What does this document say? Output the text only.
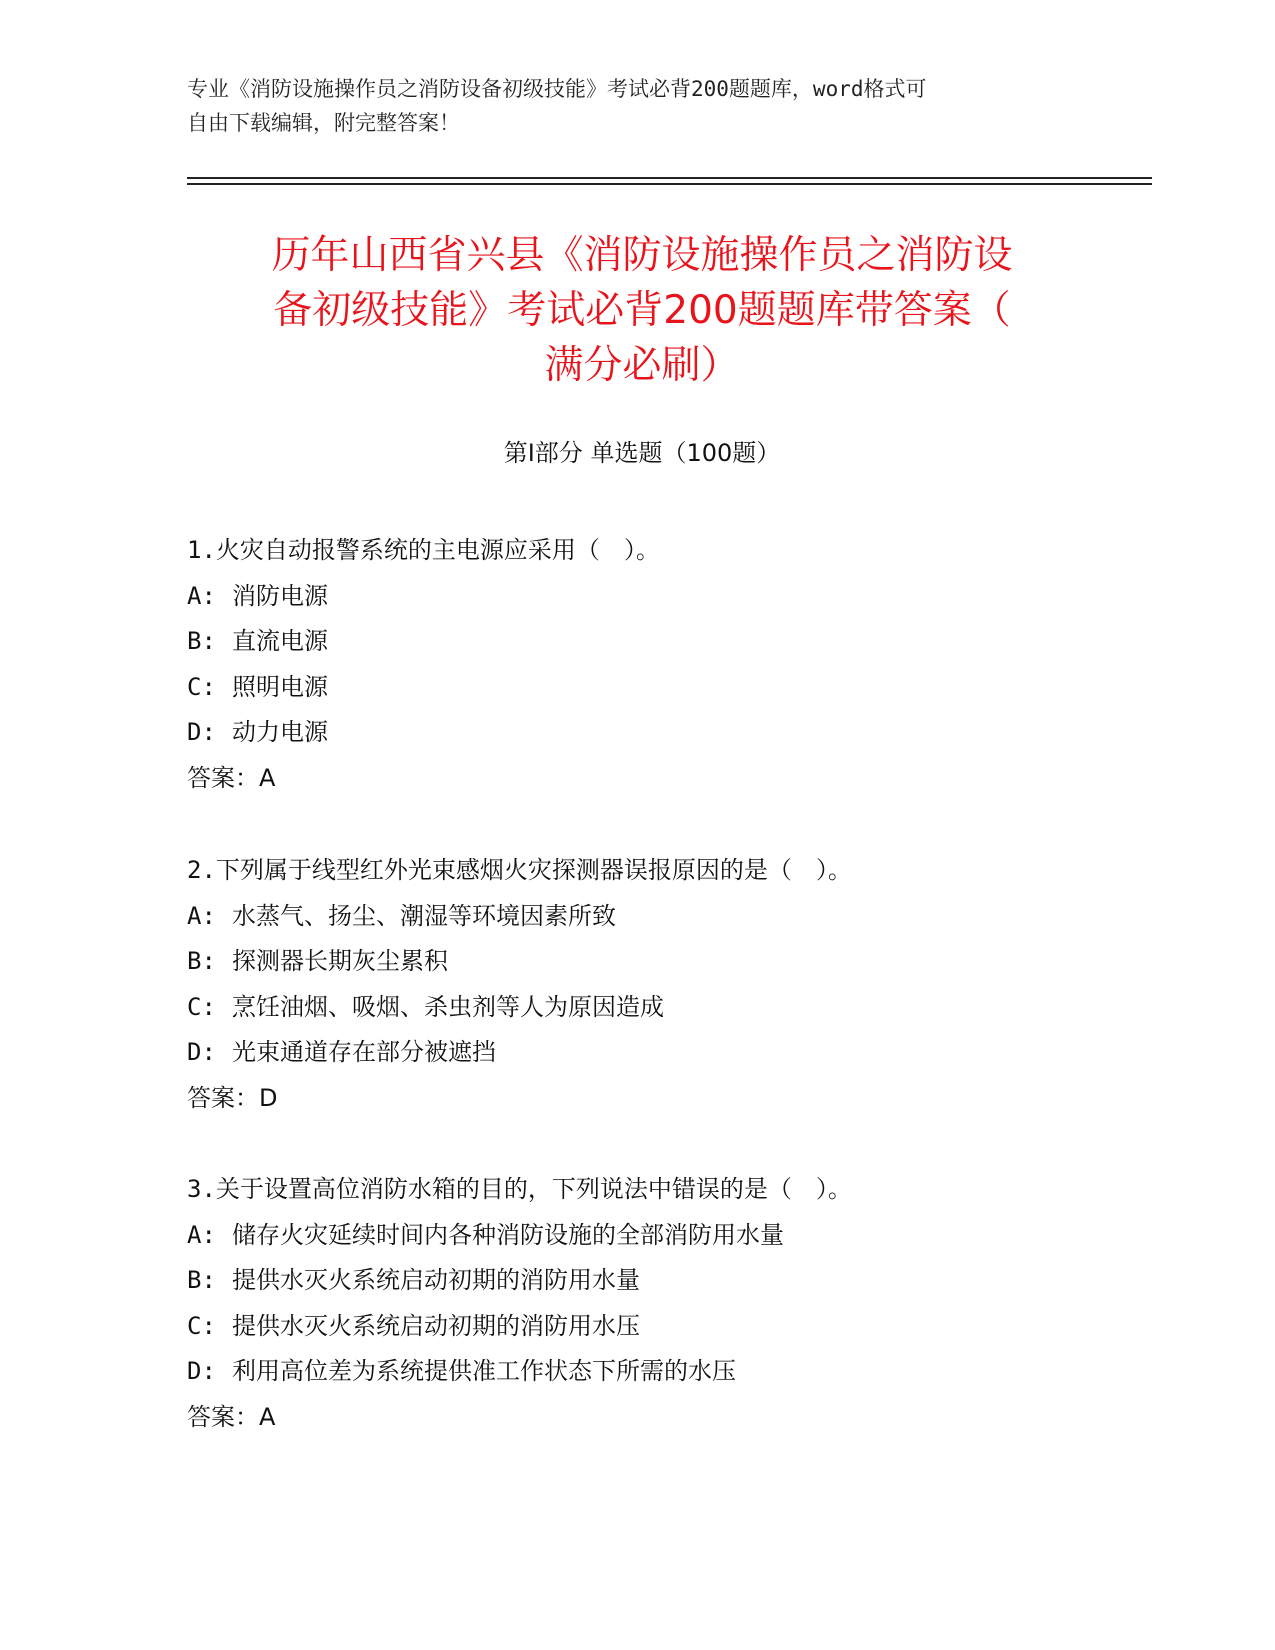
专业《消防设施操作员之消防设备初级技能》考试必背200题题库，word格式可
自由下载编辑，附完整答案！
历年山西省兴县《消防设施操作员之消防设
备初级技能》考试必背200题题库带答案（
满分必刷）
第I部分 单选题（100题）
1.火灾自动报警系统的主电源应采用（　）。
A: 消防电源
B: 直流电源
C: 照明电源
D: 动力电源
答案：A
2.下列属于线型红外光束感烟火灾探测器误报原因的是（　）。
A: 水蒸气、扬尘、潮湿等环境因素所致
B: 探测器长期灰尘累积
C: 烹饪油烟、吸烟、杀虫剂等人为原因造成
D: 光束通道存在部分被遮挡
答案：D
3.关于设置高位消防水箱的目的，下列说法中错误的是（　）。
A: 储存火灾延续时间内各种消防设施的全部消防用水量
B: 提供水灭火系统启动初期的消防用水量
C: 提供水灭火系统启动初期的消防用水压
D: 利用高位差为系统提供准工作状态下所需的水压
答案：A
